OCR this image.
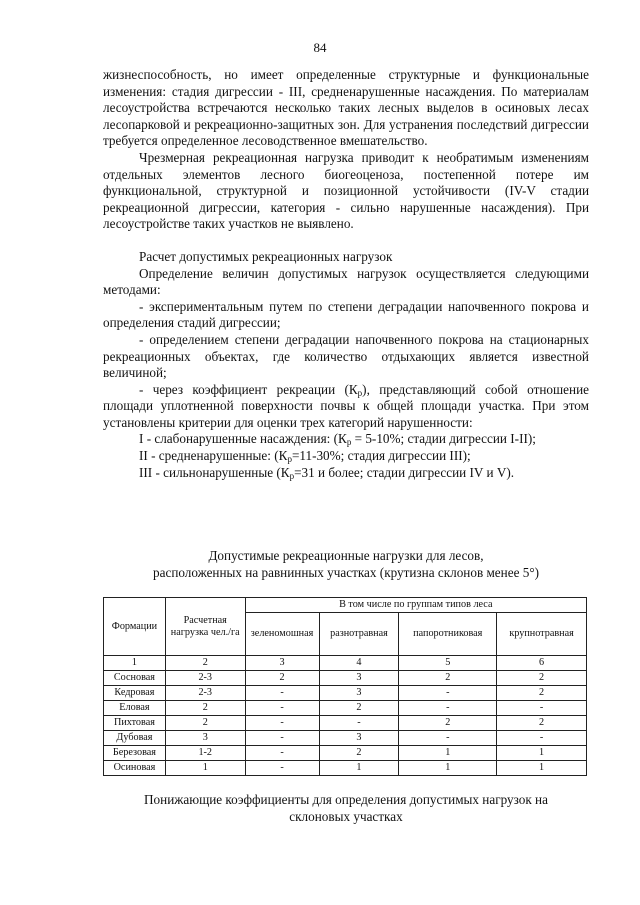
84

жизнеспособность, но имеет определенные структурные и функциональные изменения: стадия дигрессии - III, средненарушенные насаждения. По материалам лесоустройства встречаются несколько таких лесных выделов в осиновых лесах лесопарковой и рекреационно-защитных зон. Для устранения последствий дигрессии требуется определенное лесоводственное вмешательство.

Чрезмерная рекреационная нагрузка приводит к необратимым изменениям отдельных элементов лесного биогеоценоза, постепенной потере им функциональной, структурной и позиционной устойчивости (IV-V стадии рекреационной дигрессии, категория - сильно нарушенные насаждения). При лесоустройстве таких участков не выявлено.

Расчет допустимых рекреационных нагрузок

Определение величин допустимых нагрузок осуществляется следующими методами:

- экспериментальным путем по степени деградации напочвенного покрова и определения стадий дигрессии;

- определением степени деградации напочвенного покрова на стационарных рекреационных объектах, где количество отдыхающих является известной величиной;

- через коэффициент рекреации $(К_р)$, представляющий собой отношение площади уплотненной поверхности почвы к общей площади участка. При этом установлены критерии для оценки трех категорий нарушенности:

I - слабонарушенные насаждения: ($К_р = 5-10\%$; стадии дигрессии I-II);

II - средненарушенные: ($К_р=11-30\%$; стадия дигрессии III);

III - сильнонарушенные ($К_р=31$ и более; стадии дигрессии IV и V).

Допустимые рекреационные нагрузки для лесов,
расположенных на равнинных участках (крутизна склонов менее 5°)
Формации	Расчетная нагрузка чел./га	В том числе по группам типов леса			
		зеленомошная	разнотравная	папоротниковая	крупнотравная
1	2	3	4	5	6
Сосновая	2-3	2	3	2	2
Кедровая	2-3	-	3	-	2
Еловая	2	-	2	-	-
Пихтовая	2	-	-	2	2
Дубовая	3	-	3	-	-
Березовая	1-2	-	2	1	1
Осиновая	1	-	1	1	1
Понижающие коэффициенты для определения допустимых нагрузок на
склоновых участках
